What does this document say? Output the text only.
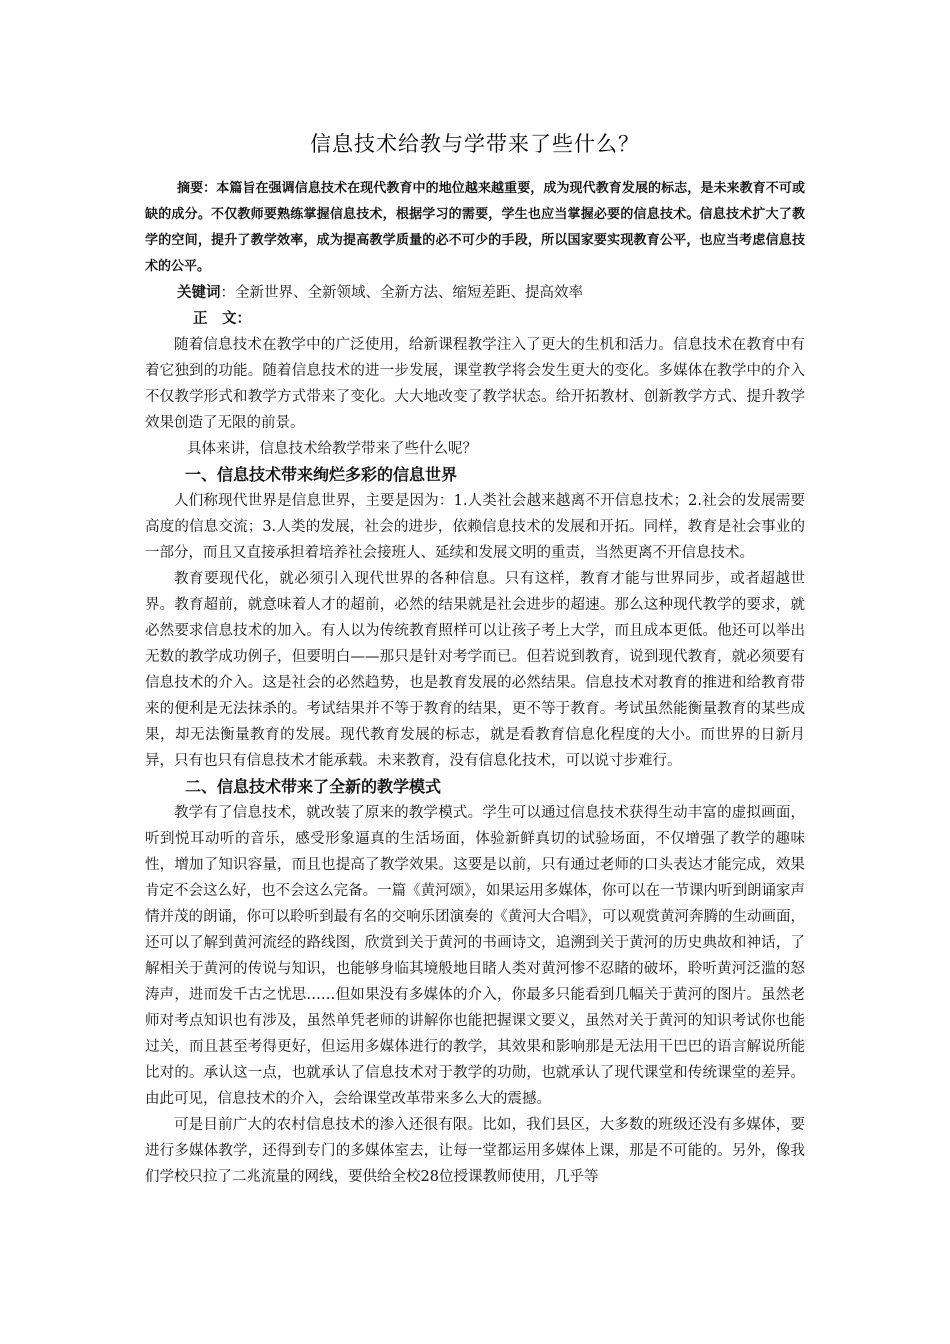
信息技术给教与学带来了些什么？

摘要：本篇旨在强调信息技术在现代教育中的地位越来越重要，成为现代教育发展的标志，是未来教育不可或缺的成分。不仅教师要熟练掌握信息技术，根据学习的需要，学生也应当掌握必要的信息技术。信息技术扩大了教学的空间，提升了教学效率，成为提高教学质量的必不可少的手段，所以国家要实现教育公平，也应当考虑信息技术的公平。

关键词：全新世界、全新领域、全新方法、缩短差距、提高效率

正　文：

随着信息技术在教学中的广泛使用，给新课程教学注入了更大的生机和活力。信息技术在教育中有着它独到的功能。随着信息技术的进一步发展，课堂教学将会发生更大的变化。多媒体在教学中的介入不仅教学形式和教学方式带来了变化。大大地改变了教学状态。给开拓教材、创新教学方式、提升教学效果创造了无限的前景。

具体来讲，信息技术给教学带来了些什么呢？

一、信息技术带来绚烂多彩的信息世界

人们称现代世界是信息世界，主要是因为：1.人类社会越来越离不开信息技术；2.社会的发展需要高度的信息交流；3.人类的发展，社会的进步，依赖信息技术的发展和开拓。同样，教育是社会事业的一部分，而且又直接承担着培养社会接班人、延续和发展文明的重责，当然更离不开信息技术。

教育要现代化，就必须引入现代世界的各种信息。只有这样，教育才能与世界同步，或者超越世界。教育超前，就意味着人才的超前，必然的结果就是社会进步的超速。那么这种现代教学的要求，就必然要求信息技术的加入。有人以为传统教育照样可以让孩子考上大学，而且成本更低。他还可以举出无数的教学成功例子，但要明白——那只是针对考学而已。但若说到教育，说到现代教育，就必须要有信息技术的介入。这是社会的必然趋势，也是教育发展的必然结果。信息技术对教育的推进和给教育带来的便利是无法抹杀的。考试结果并不等于教育的结果，更不等于教育。考试虽然能衡量教育的某些成果，却无法衡量教育的发展。现代教育发展的标志，就是看教育信息化程度的大小。而世界的日新月异，只有也只有信息技术才能承载。未来教育，没有信息化技术，可以说寸步难行。

二、信息技术带来了全新的教学模式

教学有了信息技术，就改装了原来的教学模式。学生可以通过信息技术获得生动丰富的虚拟画面，听到悦耳动听的音乐，感受形象逼真的生活场面，体验新鲜真切的试验场面，不仅增强了教学的趣味性，增加了知识容量，而且也提高了教学效果。这要是以前，只有通过老师的口头表达才能完成，效果肯定不会这么好，也不会这么完备。一篇《黄河颂》，如果运用多媒体，你可以在一节课内听到朗诵家声情并茂的朗诵，你可以聆听到最有名的交响乐团演奏的《黄河大合唱》，可以观赏黄河奔腾的生动画面，还可以了解到黄河流经的路线图，欣赏到关于黄河的书画诗文，追溯到关于黄河的历史典故和神话，了解相关于黄河的传说与知识，也能够身临其境般地目睹人类对黄河惨不忍睹的破坏，聆听黄河泛滥的怒涛声，进而发千古之忧思……但如果没有多媒体的介入，你最多只能看到几幅关于黄河的图片。虽然老师对考点知识也有涉及，虽然单凭老师的讲解你也能把握课文要义，虽然对关于黄河的知识考试你也能过关，而且甚至考得更好，但运用多媒体进行的教学，其效果和影响那是无法用干巴巴的语言解说所能比对的。承认这一点，也就承认了信息技术对于教学的功勋，也就承认了现代课堂和传统课堂的差异。由此可见，信息技术的介入，会给课堂改革带来多么大的震撼。

可是目前广大的农村信息技术的渗入还很有限。比如，我们县区，大多数的班级还没有多媒体，要进行多媒体教学，还得到专门的多媒体室去，让每一堂都运用多媒体上课，那是不可能的。另外，像我们学校只拉了二兆流量的网线，要供给全校28位授课教师使用，几乎等
